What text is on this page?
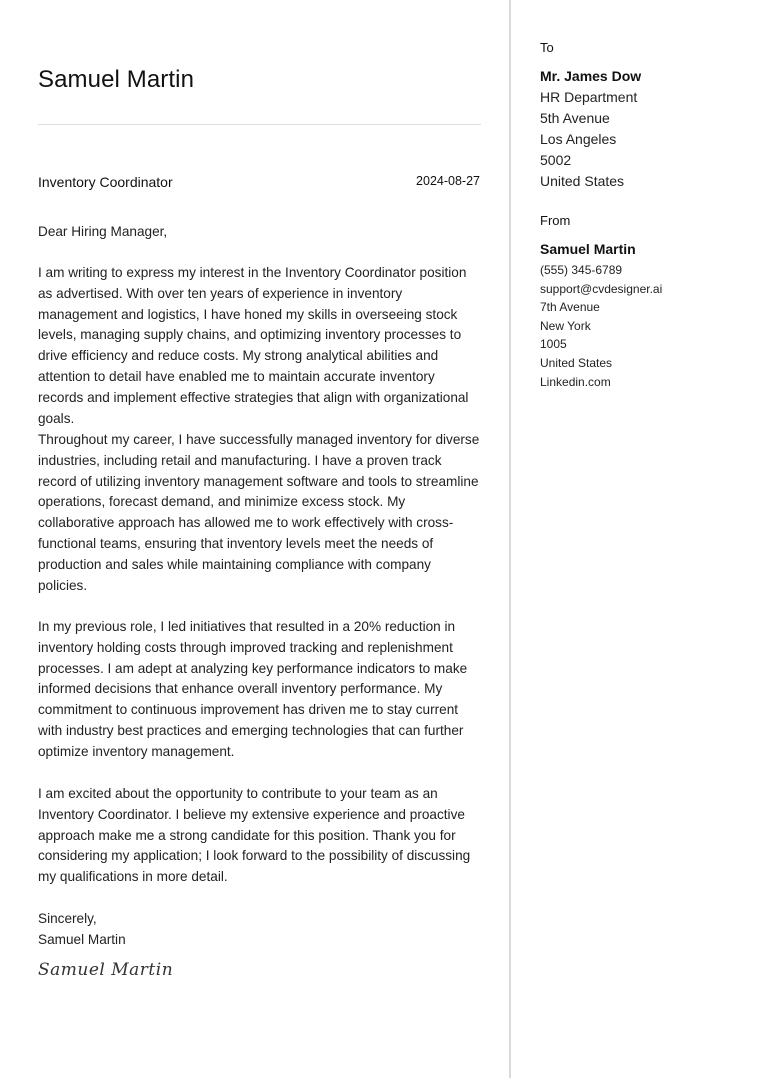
Samuel Martin
Inventory Coordinator	2024-08-27

Dear Hiring Manager,

I am writing to express my interest in the Inventory Coordinator position as advertised. With over ten years of experience in inventory management and logistics, I have honed my skills in overseeing stock levels, managing supply chains, and optimizing inventory processes to drive efficiency and reduce costs. My strong analytical abilities and attention to detail have enabled me to maintain accurate inventory records and implement effective strategies that align with organizational goals.

Throughout my career, I have successfully managed inventory for diverse industries, including retail and manufacturing. I have a proven track record of utilizing inventory management software and tools to streamline operations, forecast demand, and minimize excess stock. My collaborative approach has allowed me to work effectively with cross-functional teams, ensuring that inventory levels meet the needs of production and sales while maintaining compliance with company policies.

In my previous role, I led initiatives that resulted in a 20% reduction in inventory holding costs through improved tracking and replenishment processes. I am adept at analyzing key performance indicators to make informed decisions that enhance overall inventory performance. My commitment to continuous improvement has driven me to stay current with industry best practices and emerging technologies that can further optimize inventory management.

I am excited about the opportunity to contribute to your team as an Inventory Coordinator. I believe my extensive experience and proactive approach make me a strong candidate for this position. Thank you for considering my application; I look forward to the possibility of discussing my qualifications in more detail.

Sincerely,

Samuel Martin

Samuel Martin
To
Mr. James Dow
HR Department
5th Avenue
Los Angeles
5002
United States
From
Samuel Martin
(555) 345-6789
support@cvdesigner.ai
7th Avenue
New York
1005
United States
Linkedin.com
